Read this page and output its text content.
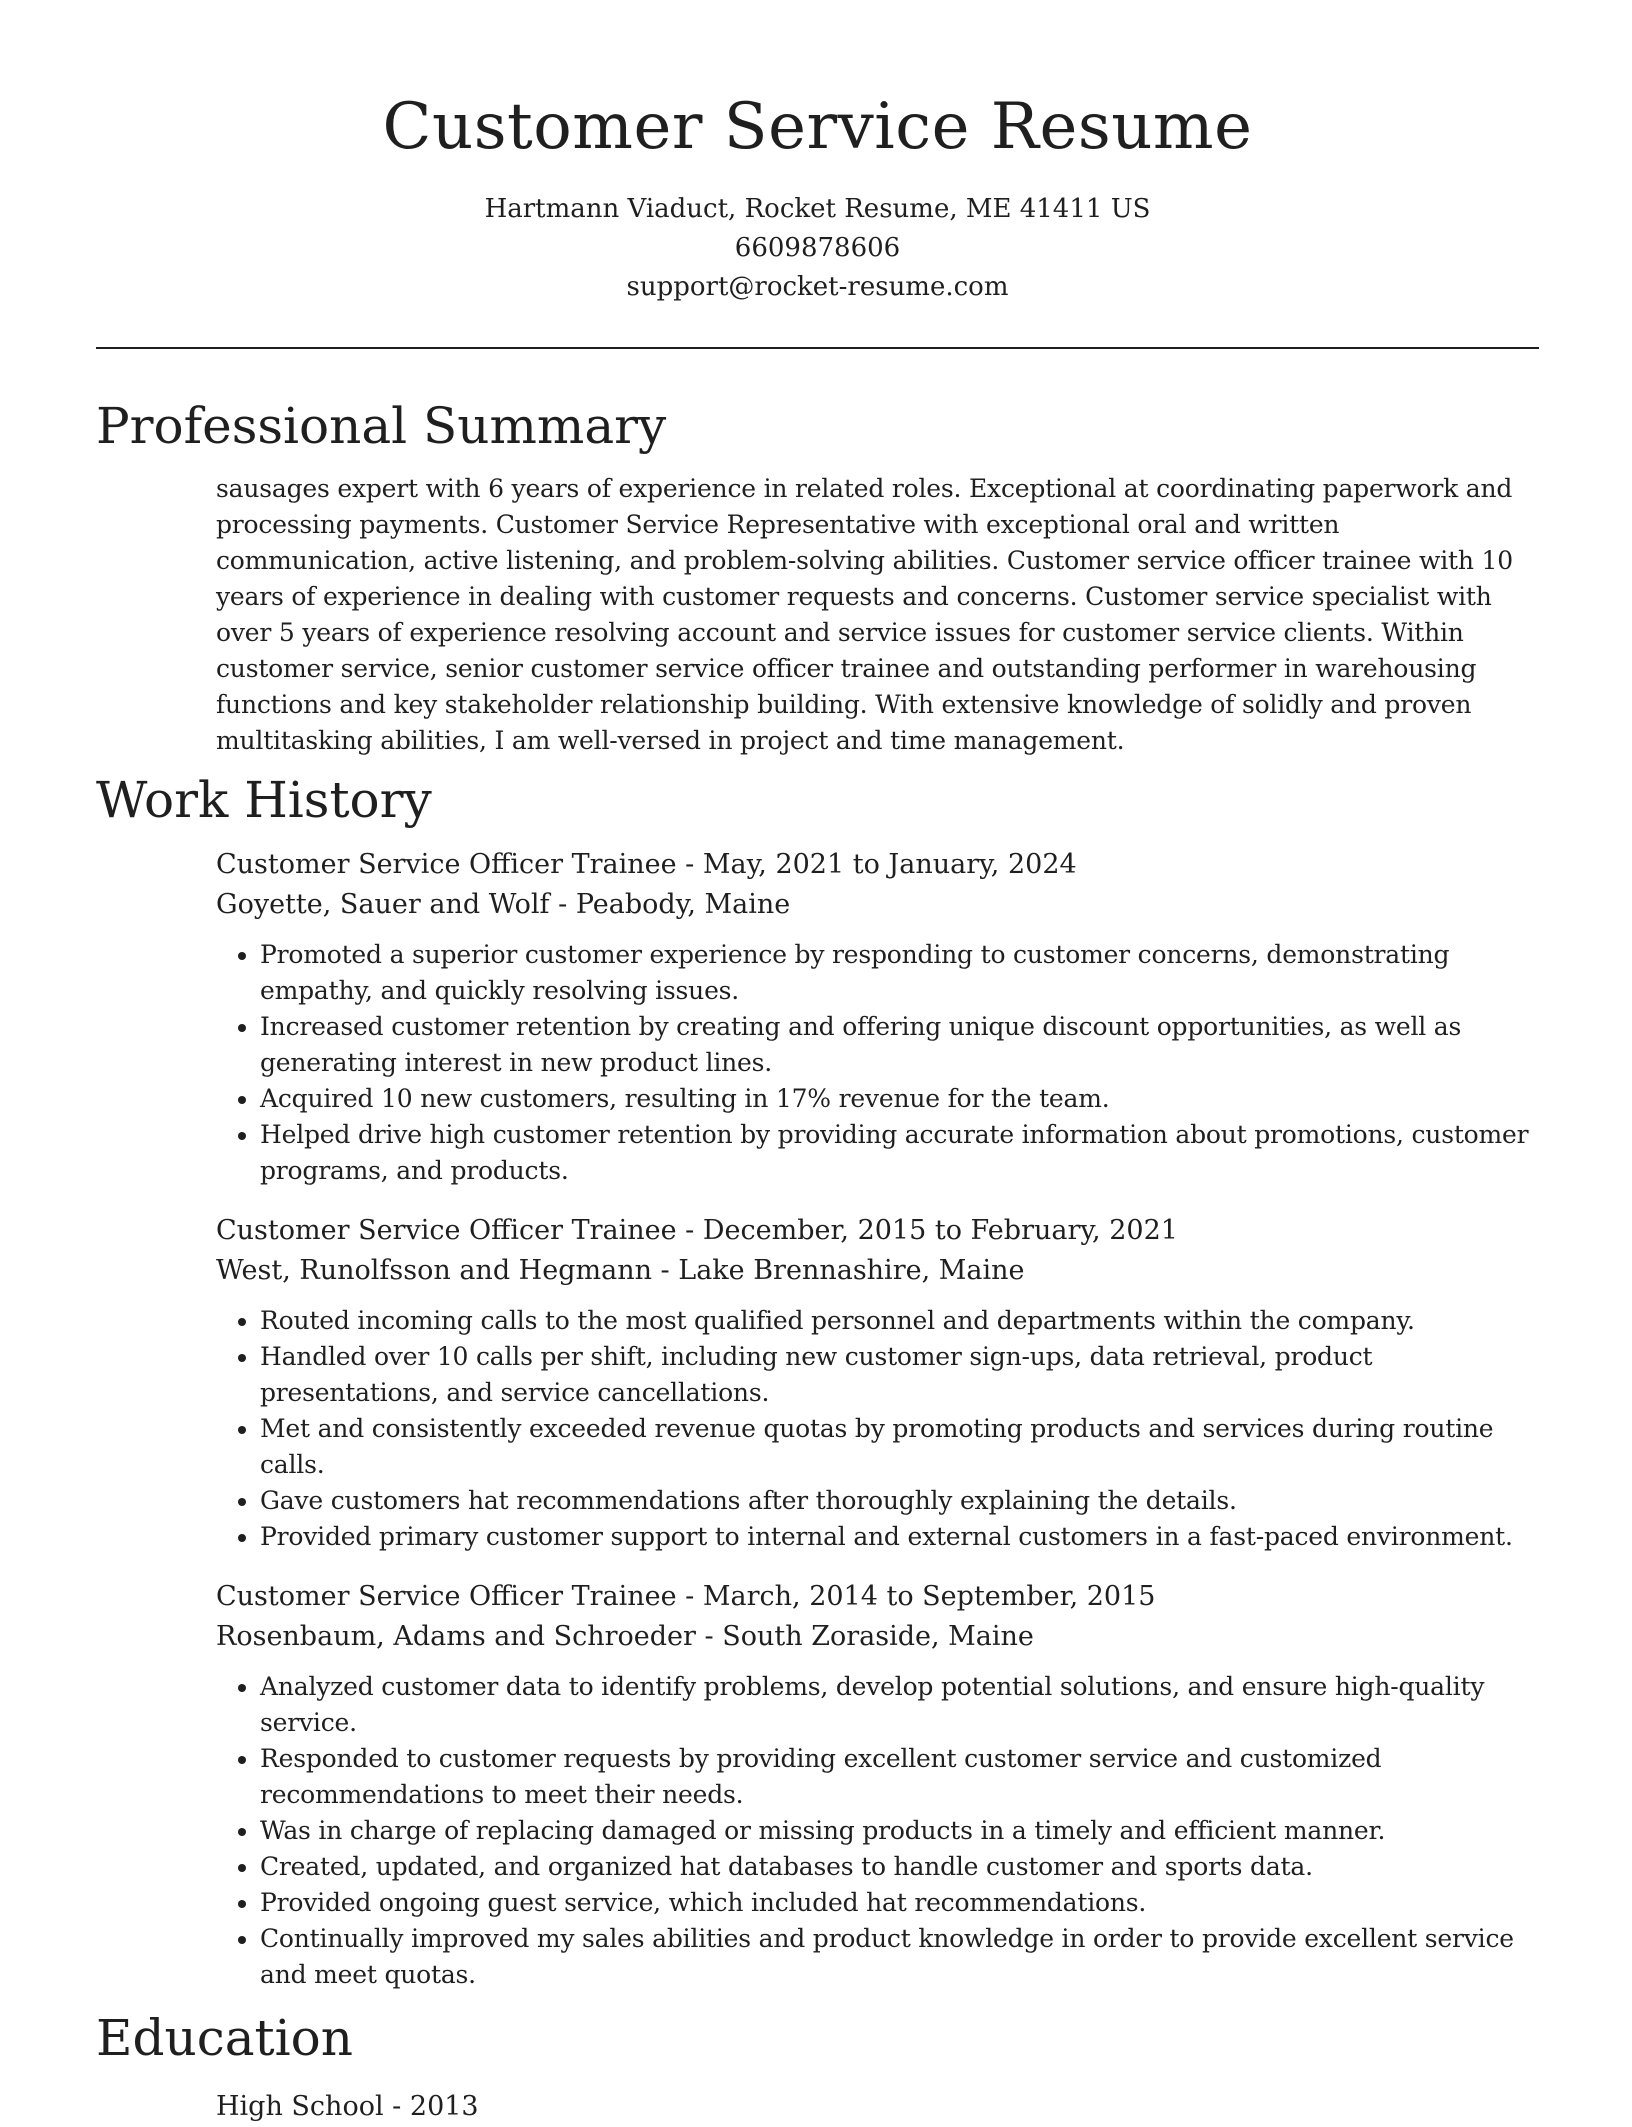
Customer Service Resume

Hartmann Viaduct, Rocket Resume, ME 41411 US

6609878606

support@rocket-resume.com

Professional Summary

sausages expert with 6 years of experience in related roles. Exceptional at coordinating paperwork and processing payments. Customer Service Representative with exceptional oral and written communication, active listening, and problem-solving abilities. Customer service officer trainee with 10 years of experience in dealing with customer requests and concerns. Customer service specialist with over 5 years of experience resolving account and service issues for customer service clients. Within customer service, senior customer service officer trainee and outstanding performer in warehousing functions and key stakeholder relationship building. With extensive knowledge of solidly and proven multitasking abilities, I am well-versed in project and time management.

Work History

Customer Service Officer Trainee - May, 2021 to January, 2024

Goyette, Sauer and Wolf - Peabody, Maine

• Promoted a superior customer experience by responding to customer concerns, demonstrating empathy, and quickly resolving issues.
• Increased customer retention by creating and offering unique discount opportunities, as well as generating interest in new product lines.
• Acquired 10 new customers, resulting in 17% revenue for the team.
• Helped drive high customer retention by providing accurate information about promotions, customer programs, and products.

Customer Service Officer Trainee - December, 2015 to February, 2021

West, Runolfsson and Hegmann - Lake Brennashire, Maine

• Routed incoming calls to the most qualified personnel and departments within the company.
• Handled over 10 calls per shift, including new customer sign-ups, data retrieval, product presentations, and service cancellations.
• Met and consistently exceeded revenue quotas by promoting products and services during routine calls.
• Gave customers hat recommendations after thoroughly explaining the details.
• Provided primary customer support to internal and external customers in a fast-paced environment.

Customer Service Officer Trainee - March, 2014 to September, 2015

Rosenbaum, Adams and Schroeder - South Zoraside, Maine

• Analyzed customer data to identify problems, develop potential solutions, and ensure high-quality service.
• Responded to customer requests by providing excellent customer service and customized recommendations to meet their needs.
• Was in charge of replacing damaged or missing products in a timely and efficient manner.
• Created, updated, and organized hat databases to handle customer and sports data.
• Provided ongoing guest service, which included hat recommendations.
• Continually improved my sales abilities and product knowledge in order to provide excellent service and meet quotas.
Education

High School - 2013
